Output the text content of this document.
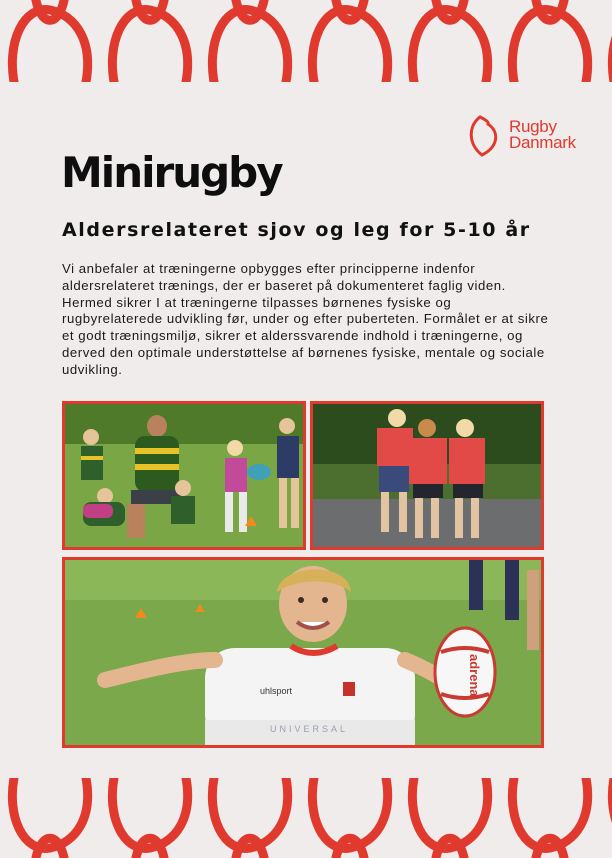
Rugby
Danmark
Minirugby
Aldersrelateret sjov og leg for 5-10 år

Vi anbefaler at træningerne opbygges efter principperne indenfor aldersrelateret trænings, der er baseret på dokumenteret faglig viden. Hermed sikrer I at træningerne tilpasses børnenes fysiske og rugbyrelaterede udvikling før, under og efter puberteten. Formålet er at sikre et godt træningsmiljø, sikrer et alderssvarende indhold i træningerne, og derved den optimale understøttelse af børnenes fysiske, mentale og sociale udvikling.

uhlsport
UNIVERSAL
adrena
